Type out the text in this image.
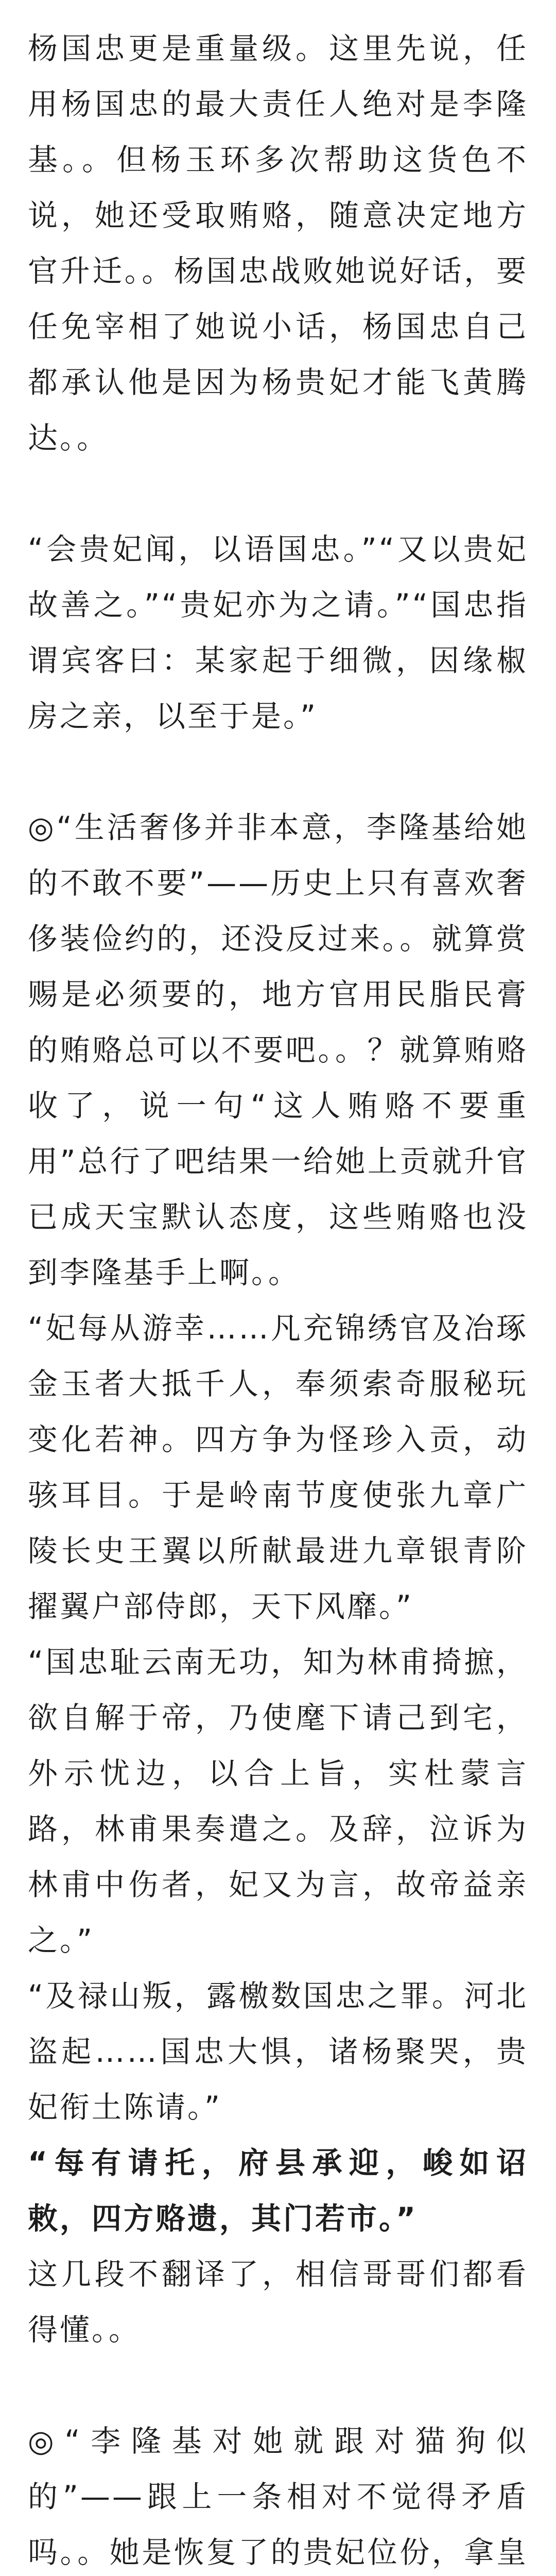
杨国忠更是重量级。这里先说，任用杨国忠的最大责任人绝对是李隆基。。但杨玉环多次帮助这货色不说，她还受取贿赂，随意决定地方官升迁。。杨国忠战败她说好话，要任免宰相了她说小话，杨国忠自己都承认他是因为杨贵妃才能飞黄腾达。。

“会贵妃闻，以语国忠。”“又以贵妃故善之。”“贵妃亦为之请。”“国忠指谓宾客曰：某家起于细微，因缘椒房之亲，以至于是。”

◎“生活奢侈并非本意，李隆基给她的不敢不要”——历史上只有喜欢奢侈装俭约的，还没反过来。。就算赏赐是必须要的，地方官用民脂民膏的贿赂总可以不要吧。。？就算贿赂收了，说一句“这人贿赂不要重用”总行了吧结果一给她上贡就升官已成天宝默认态度，这些贿赂也没到李隆基手上啊。。

“妃每从游幸……凡充锦绣官及冶琢金玉者大抵千人，奉须索奇服秘玩变化若神。四方争为怪珍入贡，动骇耳目。于是岭南节度使张九章广陵长史王翼以所献最进九章银青阶擢翼户部侍郎，天下风靡。”

“国忠耻云南无功，知为林甫掎摭，欲自解于帝，乃使麾下请己到宅，外示忧边，以合上旨，实杜蒙言路，林甫果奏遣之。及辞，泣诉为林甫中伤者，妃又为言，故帝益亲之。”

“及禄山叛，露檄数国忠之罪。河北盗起……国忠大惧，诸杨聚哭，贵妃衔土陈请。”

“每有请托，府县承迎，峻如诏敕，四方赂遗，其门若市。”

这几段不翻译了，相信哥哥们都看得懂。。

◎“李隆基对她就跟对猫狗似的”——跟上一条相对不觉得矛盾吗。。她是恢复了的贵妃位份，拿皇
